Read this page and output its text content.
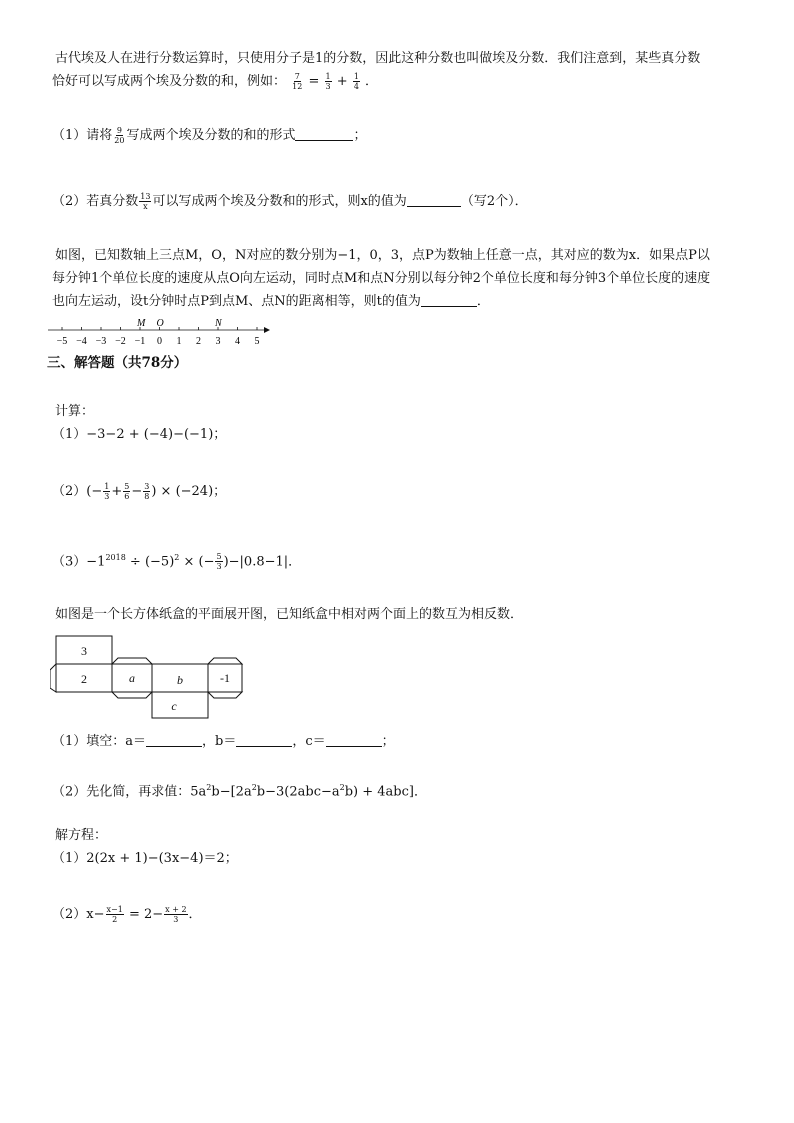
古代埃及人在进行分数运算时，只使用分子是1的分数，因此这种分数也叫做埃及分数．我们注意到，某些真分数
恰好可以写成两个埃及分数的和，例如： $\frac{7}{12} = \frac{1}{3} + \frac{1}{4}$ ．
（1）请将 $\frac{9}{20}$ 写成两个埃及分数的和的形式	；
（2）若真分数 $\frac{13}{x}$ 可以写成两个埃及分数和的形式，则x的值为	（写2个）．
如图，已知数轴上三点M，O，N对应的数分别为−1，0，3，点P为数轴上任意一点，其对应的数为x．如果点P以
每分钟1个单位长度的速度从点O向左运动，同时点M和点N分别以每分钟2个单位长度和每分钟3个单位长度的速度
也向左运动，设t分钟时点P到点M、点N的距离相等，则t的值为	．
−5 −4 −3 −2 −1 0 1 2 3 4 5
M O	N
三、解答题（共78分）
计算：
（1）−3−2 + (−4)−(−1)；
$(2)(- \frac{1}{3} + \frac{5}{6} - \frac{3}{8}$ ) × (−24)；
$(3)-1^{2018} \div (-5)^2$ × (− $\frac{5}{3} )-|0.8-1|$．
如图是一个长方体纸盒的平面展开图，已知纸盒中相对两个面上的数互为相反数．
3
2	a	b	-1
c
（1）填空：a＝	，b＝	，c＝	；
（2）先化简，再求值：$5a^2b-[2a^2b-3(2abc-a^2b) + 4abc]$．
解方程：
（1）2(2x + 1)−(3x−4)＝2；
$(2)x- \frac{x-1}{2} = 2- \frac{x + 2}{3}$ ．
